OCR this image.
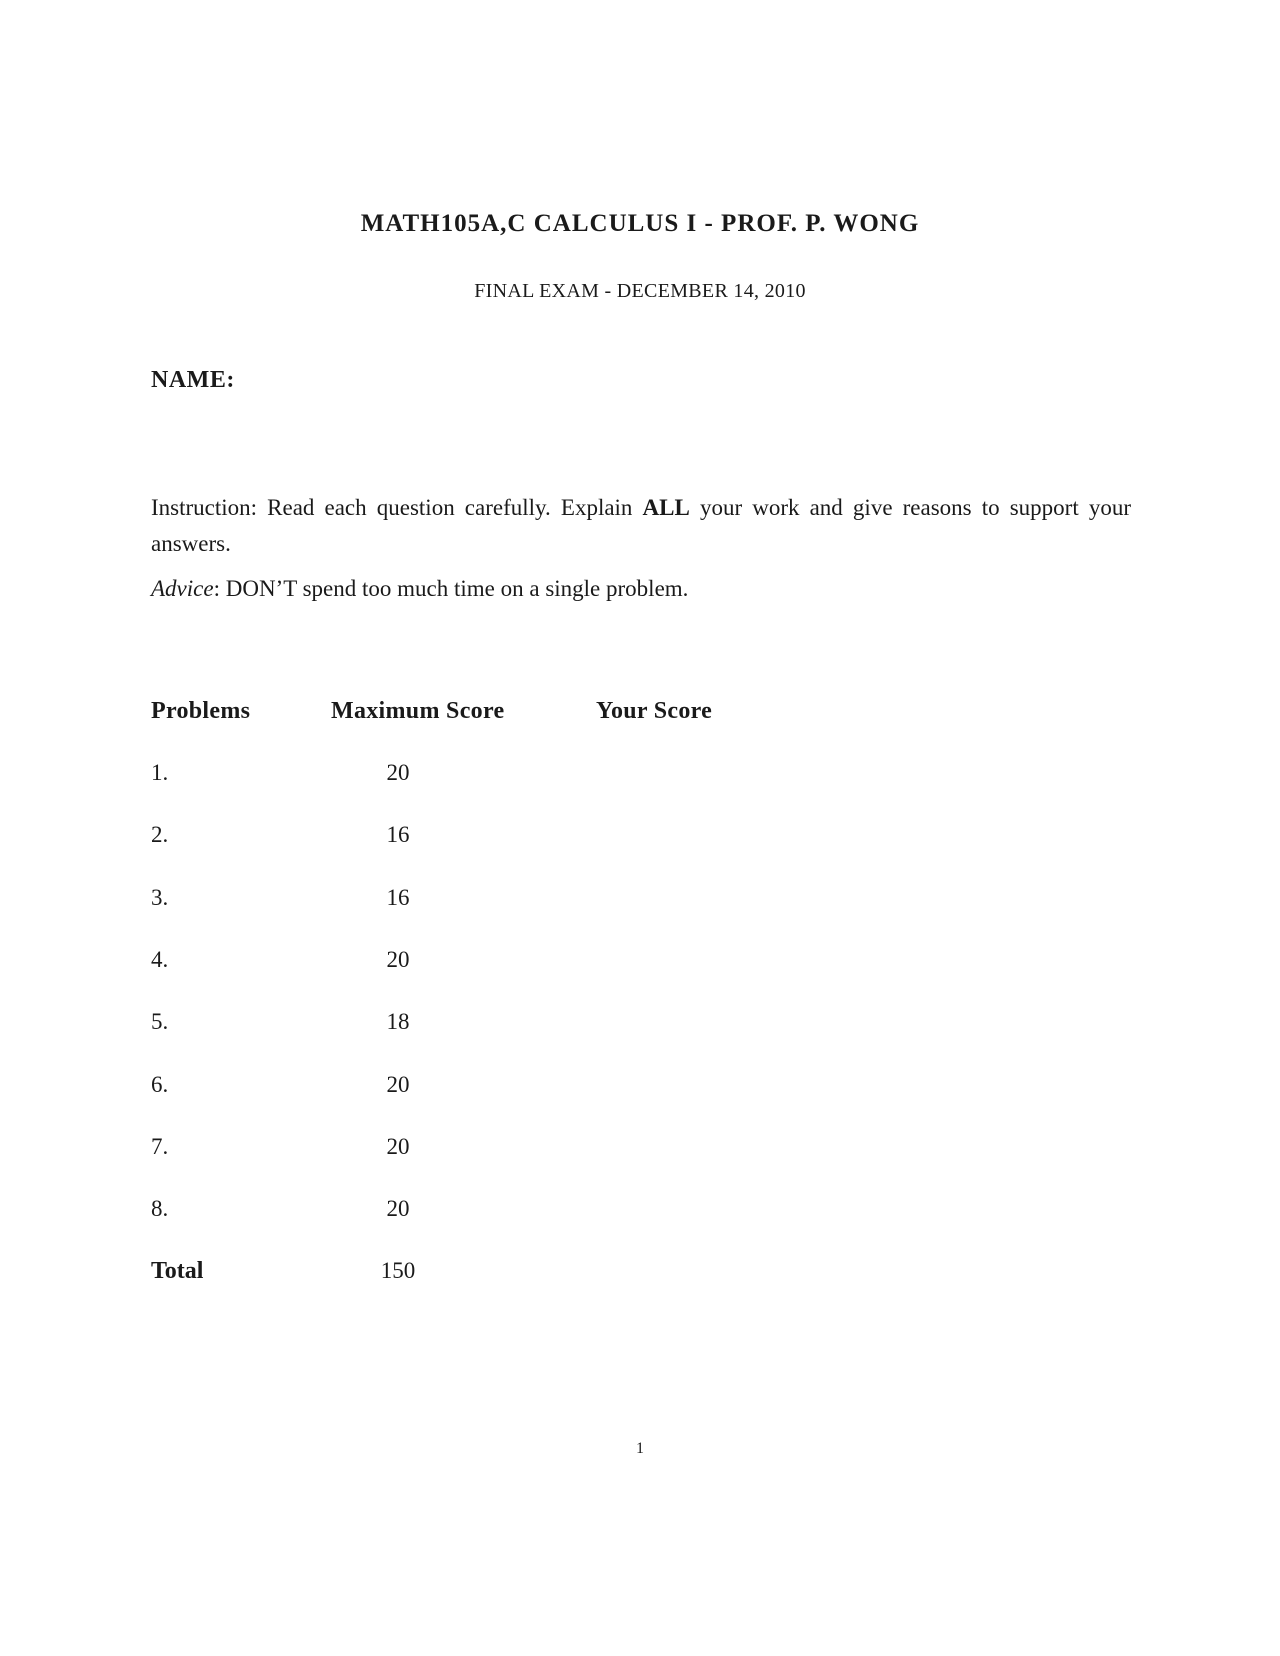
MATH105A,C CALCULUS I - PROF. P. WONG
FINAL EXAM - DECEMBER 14, 2010
NAME:
Instruction: Read each question carefully. Explain ALL your work and give reasons to support your answers.
Advice: DON’T spend too much time on a single problem.
Problems	Maximum Score	Your Score
1.	20
2.	16
3.	16
4.	20
5.	18
6.	20
7.	20
8.	20
Total	150
1
